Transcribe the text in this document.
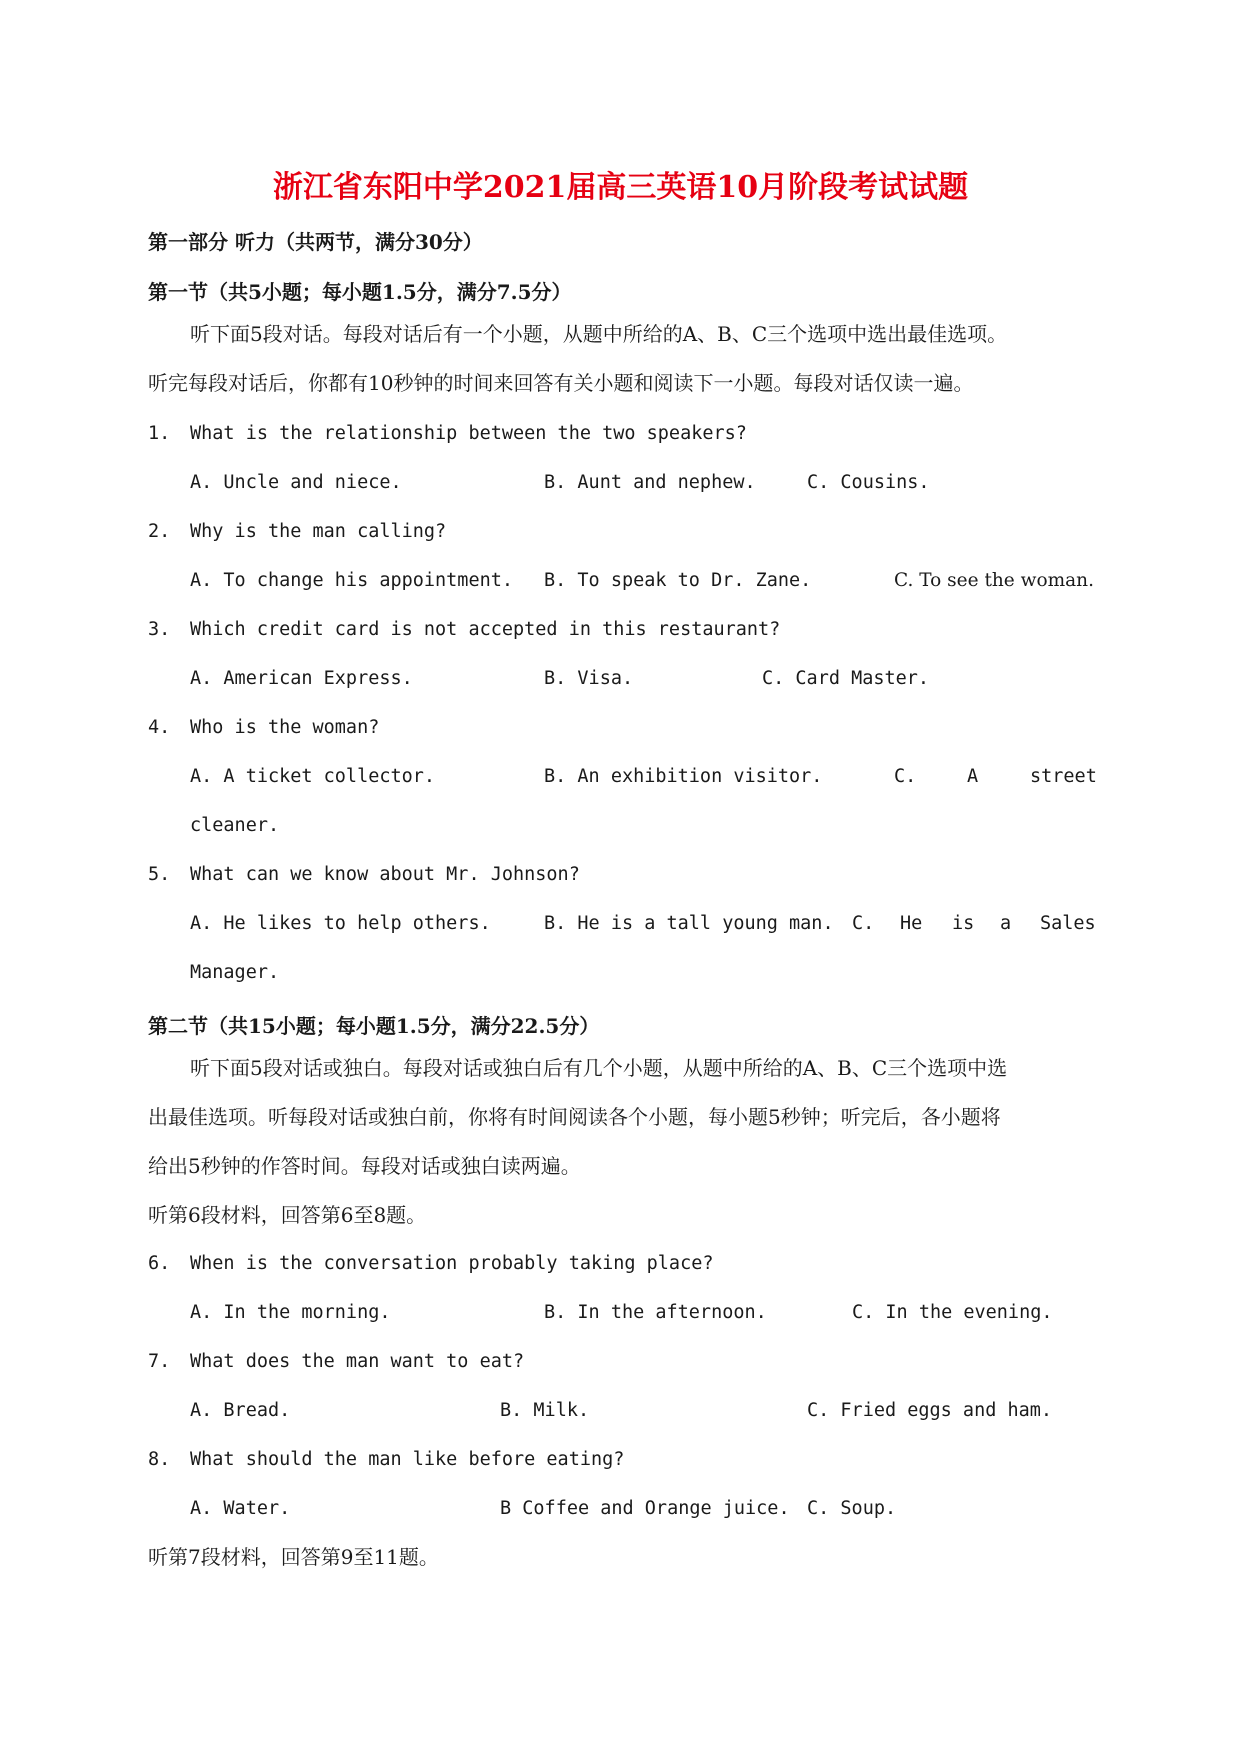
浙江省东阳中学2021届高三英语10月阶段考试试题
第一部分 听力（共两节，满分30分）
第一节（共5小题；每小题1.5分，满分7.5分）
听下面5段对话。每段对话后有一个小题，从题中所给的A、B、C三个选项中选出最佳选项。
听完每段对话后，你都有10秒钟的时间来回答有关小题和阅读下一小题。每段对话仅读一遍。
1. What is the relationship between the two speakers?
A. Uncle and niece.	B. Aunt and nephew.	C. Cousins.
2. Why is the man calling?
A. To change his appointment. B. To speak to Dr. Zane.	C. To see the woman.
3. Which credit card is not accepted in this restaurant?
A. American Express.	B. Visa.	C. Card Master.
4. Who is the woman?
A. A ticket collector.	B. An exhibition visitor.	C.	A	street
cleaner.
5. What can we know about Mr. Johnson?
A. He likes to help others.	B. He is a tall young man. C. He is a Sales
Manager.
第二节（共15小题；每小题1.5分，满分22.5分）
听下面5段对话或独白。每段对话或独白后有几个小题，从题中所给的A、B、C三个选项中选
出最佳选项。听每段对话或独白前，你将有时间阅读各个小题，每小题5秒钟；听完后，各小题将
给出5秒钟的作答时间。每段对话或独白读两遍。
听第6段材料，回答第6至8题。
6. When is the conversation probably taking place?
A. In the morning.	B. In the afternoon.	C. In the evening.
7. What does the man want to eat?
A. Bread.	B. Milk.	C. Fried eggs and ham.
8. What should the man like before eating?
A. Water.	B Coffee and Orange juice. C. Soup.
听第7段材料，回答第9至11题。
